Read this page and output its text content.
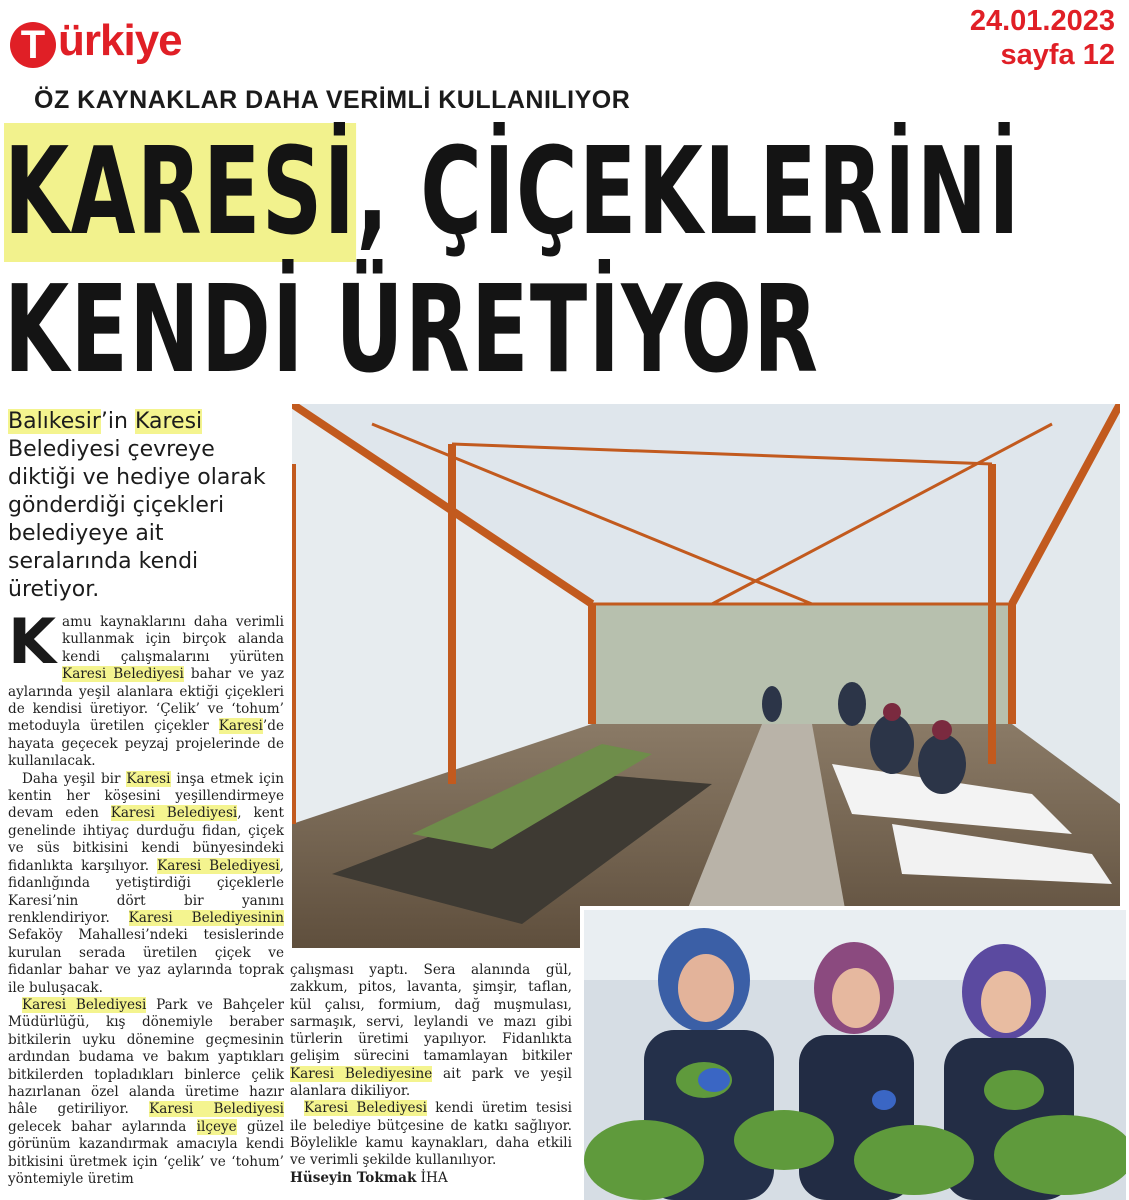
T ürkiye	24.01.2023
sayfa 12
ÖZ KAYNAKLAR DAHA VERİMLİ KULLANILIYOR
KARESİ, ÇİÇEKLERİNİ
KENDİ ÜRETİYOR
Balıkesir’in Karesi Belediyesi çevreye diktiği ve hediye olarak gönderdiği çiçekleri belediyeye ait seralarında kendi üretiyor.

Kamu kaynaklarını daha verimli kullanmak için birçok alanda kendi çalışmalarını yürüten Karesi Belediyesi bahar ve yaz aylarında yeşil alanlara ektiği çiçekleri de kendisi üretiyor. ‘Çelik’ ve ‘tohum’ metoduyla üretilen çiçekler Karesi’de hayata geçecek peyzaj projelerinde de kullanılacak.

Daha yeşil bir Karesi inşa etmek için kentin her köşesini yeşillendirmeye devam eden Karesi Belediyesi, kent genelinde ihtiyaç durduğu fidan, çiçek ve süs bitkisini kendi bünyesindeki fidanlıkta karşılıyor. Karesi Belediyesi, fidanlığında yetiştirdiği çiçeklerle Karesi’nin dört bir yanını renklendiriyor. Karesi Belediyesinin Sefaköy Mahallesi’ndeki tesislerinde kurulan serada üretilen çiçek ve fidanlar bahar ve yaz aylarında toprak ile buluşacak.

Karesi Belediyesi Park ve Bahçeler Müdürlüğü, kış dönemiyle beraber bitkilerin uyku dönemine geçmesinin ardından budama ve bakım yaptıkları bitkilerden topladıkları binlerce çelik hazırlanan özel alanda üretime hazır hâle getiriliyor. Karesi Belediyesi gelecek bahar aylarında ilçeye güzel görünüm kazandırmak amacıyla kendi bitkisini üretmek için ‘çelik’ ve ‘tohum’ yöntemiyle üretim

çalışması yaptı. Sera alanında gül, zakkum, pitos, lavanta, şimşir, taflan, kül çalısı, formium, dağ muşmulası, sarmaşık, servi, leylandi ve mazı gibi türlerin üretimi yapılıyor. Fidanlıkta gelişim sürecini tamamlayan bitkiler Karesi Belediyesine ait park ve yeşil alanlara dikiliyor.

Karesi Belediyesi kendi üretim tesisi ile belediye bütçesine de katkı sağlıyor. Böylelikle kamu kaynakları, daha etkili ve verimli şekilde kullanılıyor.

Hüseyin Tokmak İHA
